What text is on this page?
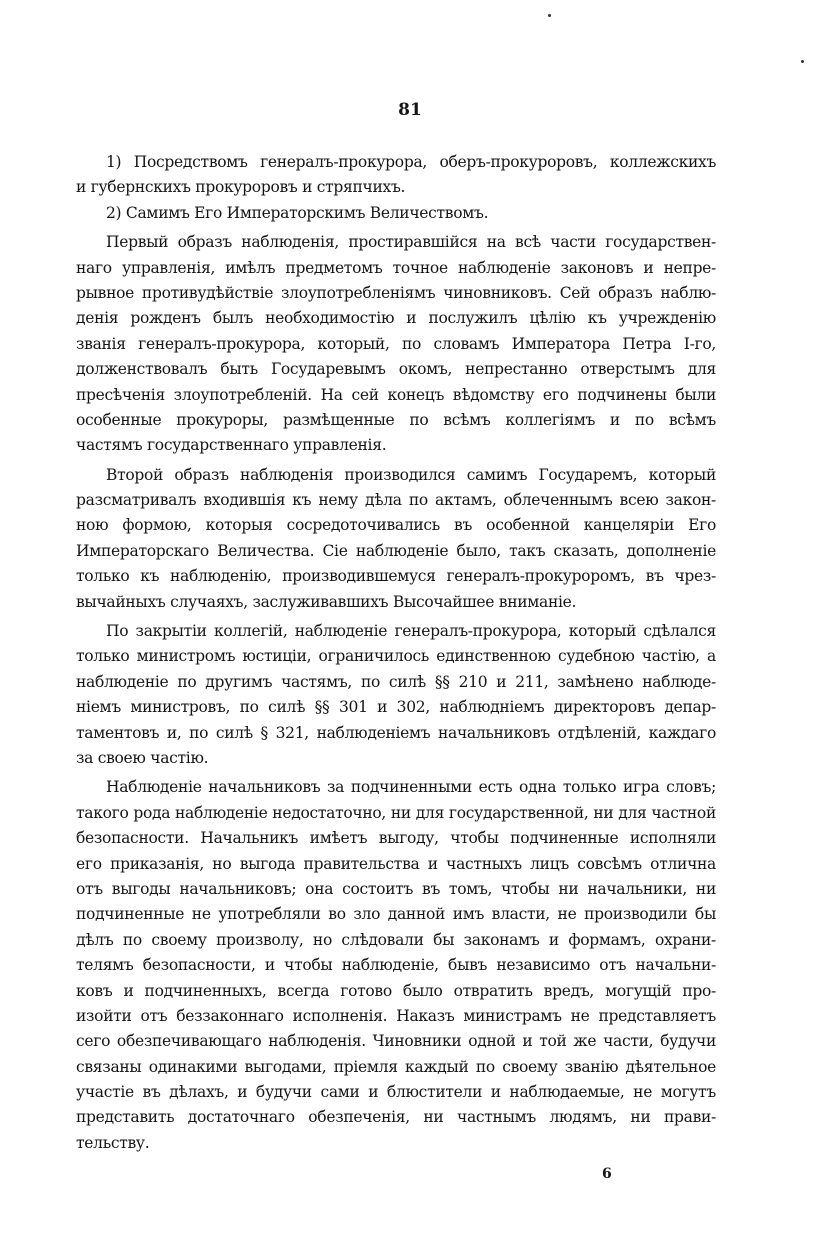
81
1) Посредствомъ генералъ-прокурора, оберъ-прокуроровъ, коллежскихъ
и губернскихъ прокуроровъ и стряпчихъ.
2) Самимъ Его Императорскимъ Величествомъ.
Первый образъ наблюденія, простиравшійся на всѣ части государствен-
наго управленія, имѣлъ предметомъ точное наблюденіе законовъ и непре-
рывное противудѣйствіе злоупотребленіямъ чиновниковъ. Сей образъ наблю-
денія рожденъ былъ необходимостію и послужилъ цѣлію къ учрежденію
званія генералъ-прокурора, который, по словамъ Императора Петра І-го,
долженствовалъ быть Государевымъ окомъ, непрестанно отверстымъ для
пресѣченія злоупотребленій. На сей конецъ вѣдомству его подчинены были
особенные прокуроры, размѣщенные по всѣмъ коллегіямъ и по всѣмъ
частямъ государственнаго управленія.
Второй образъ наблюденія производился самимъ Государемъ, который
разсматривалъ входившія къ нему дѣла по актамъ, облеченнымъ всею закон-
ною формою, которыя сосредоточивались въ особенной канцеляріи Его
Императорскаго Величества. Сіе наблюденіе было, такъ сказать, дополненіе
только къ наблюденію, производившемуся генералъ-прокуроромъ, въ чрез-
вычайныхъ случаяхъ, заслуживавшихъ Высочайшее вниманіе.
По закрытіи коллегій, наблюденіе генералъ-прокурора, который сдѣлался
только министромъ юстиціи, ограничилось единственною судебною частію, а
наблюденіе по другимъ частямъ, по силѣ §§ 210 и 211, замѣнено наблюде-
ніемъ министровъ, по силѣ §§ 301 и 302, наблюдніемъ директоровъ депар-
таментовъ и, по силѣ § 321, наблюденіемъ начальниковъ отдѣленій, каждаго
за своею частію.
Наблюденіе начальниковъ за подчиненными есть одна только игра словъ;
такого рода наблюденіе недостаточно, ни для государственной, ни для частной
безопасности. Начальникъ имѣетъ выгоду, чтобы подчиненные исполняли
его приказанія, но выгода правительства и частныхъ лицъ совсѣмъ отлична
отъ выгоды начальниковъ; она состоитъ въ томъ, чтобы ни начальники, ни
подчиненные не употребляли во зло данной имъ власти, не производили бы
дѣлъ по своему произволу, но слѣдовали бы законамъ и формамъ, охрани-
телямъ безопасности, и чтобы наблюденіе, бывъ независимо отъ начальни-
ковъ и подчиненныхъ, всегда готово было отвратить вредъ, могущій про-
изойти отъ беззаконнаго исполненія. Наказъ министрамъ не представляетъ
сего обезпечивающаго наблюденія. Чиновники одной и той же части, будучи
связаны одинакими выгодами, пріемля каждый по своему званію дѣятельное
участіе въ дѣлахъ, и будучи сами и блюстители и наблюдаемые, не могутъ
представить достаточнаго обезпеченія, ни частнымъ людямъ, ни прави-
тельству.
6
